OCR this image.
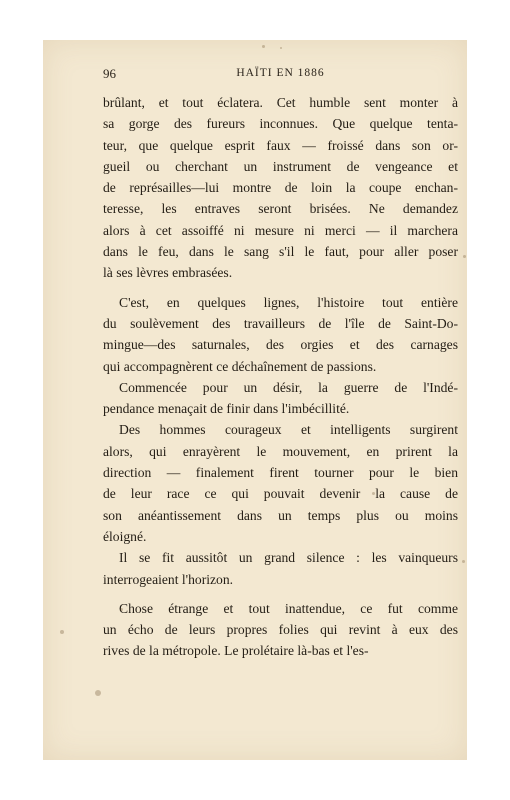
96	HAÏTI EN 1886

brûlant, et tout éclatera. Cet humble sent monter à
sa gorge des fureurs inconnues. Que quelque tenta-
teur, que quelque esprit faux — froissé dans son or-
gueil ou cherchant un instrument de vengeance et
de représailles—lui montre de loin la coupe enchan-
teresse, les entraves seront brisées. Ne demandez
alors à cet assoiffé ni mesure ni merci — il marchera
dans le feu, dans le sang s'il le faut, pour aller poser
là ses lèvres embrasées.

C'est, en quelques lignes, l'histoire tout entière
du soulèvement des travailleurs de l'île de Saint-Do-
mingue—des saturnales, des orgies et des carnages
qui accompagnèrent ce déchaînement de passions.

Commencée pour un désir, la guerre de l'Indé-
pendance menaçait de finir dans l'imbécillité.

Des hommes courageux et intelligents surgirent
alors, qui enrayèrent le mouvement, en prirent la
direction — finalement firent tourner pour le bien
de leur race ce qui pouvait devenir la cause de
son anéantissement dans un temps plus ou moins
éloigné.

Il se fit aussitôt un grand silence : les vainqueurs
interrogeaient l'horizon.

Chose étrange et tout inattendue, ce fut comme
un écho de leurs propres folies qui revint à eux des
rives de la métropole. Le prolétaire là-bas et l'es-
